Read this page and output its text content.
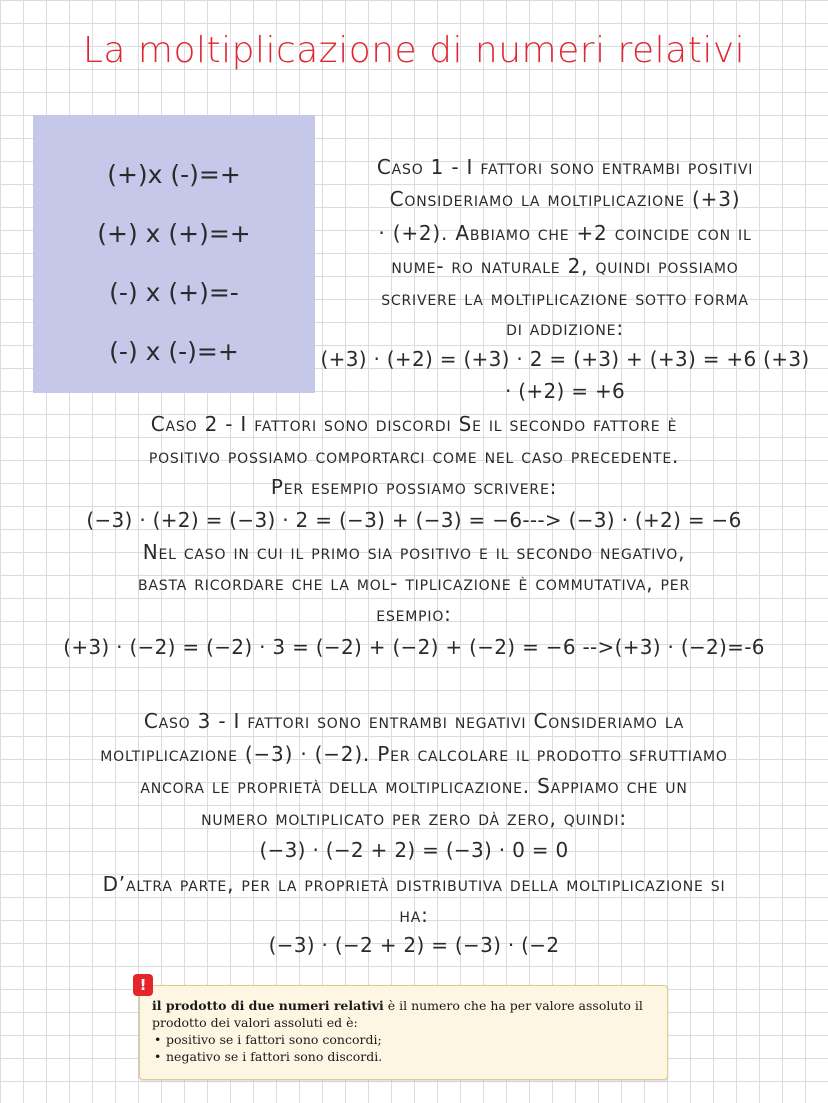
La moltiplicazione di numeri relativi
(+)x (-)=+
(+) x (+)=+
(-) x (+)=-
(-) x (-)=+
Caso 1 - I fattori sono entrambi positivi
Consideriamo la moltiplicazione (+3)
· (+2). Abbiamo che +2 coincide con il
nume- ro naturale 2, quindi possiamo
scrivere la moltiplicazione sotto forma
di addizione:
(+3) · (+2) = (+3) · 2 = (+3) + (+3) = +6 (+3)
· (+2) = +6
Caso 2 - I fattori sono discordi Se il secondo fattore è
positivo possiamo comportarci come nel caso precedente.
Per esempio possiamo scrivere:
(−3) · (+2) = (−3) · 2 = (−3) + (−3) = −6---> (−3) · (+2) = −6
Nel caso in cui il primo sia positivo e il secondo negativo,
basta ricordare che la mol- tiplicazione è commutativa, per
esempio:
(+3) · (−2) = (−2) · 3 = (−2) + (−2) + (−2) = −6 -->(+3) · (−2)=-6
Caso 3 - I fattori sono entrambi negativi Consideriamo la
moltiplicazione (−3) · (−2). Per calcolare il prodotto sfruttiamo
ancora le proprietà della moltiplicazione. Sappiamo che un
numero moltiplicato per zero dà zero, quindi:
(−3) · (−2 + 2) = (−3) · 0 = 0
D’altra parte, per la proprietà distributiva della moltiplicazione si
ha:
(−3) · (−2 + 2) = (−3) · (−2
!
il prodotto di due numeri relativi è il numero che ha per valore assoluto il prodotto dei valori assoluti ed è:
• positivo se i fattori sono concordi;
• negativo se i fattori sono discordi.
